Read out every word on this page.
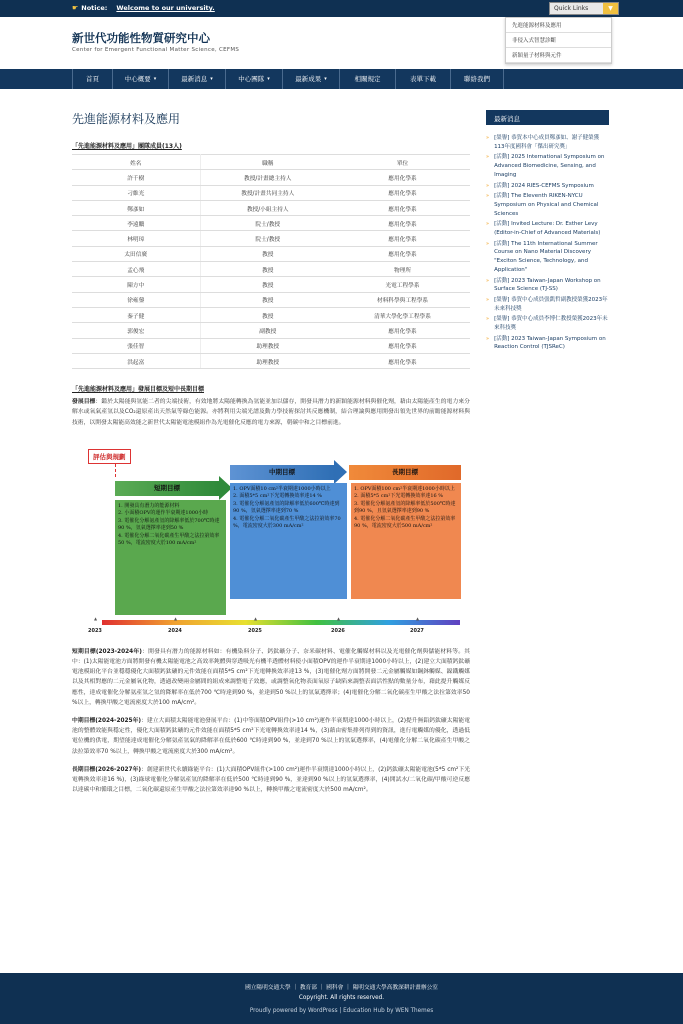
☛ Notice: Welcome to our university.	Quick Links	▼
先進能源材料及應用
非侵入式智慧診斷
新穎量子材料與元件
新世代功能性物質研究中心
Center for Emergent Functional Matter Science, CEFMS
首頁	中心概要 ▾	最新消息 ▾	中心團隊 ▾	最新成果 ▾	相關規定	表單下載	聯絡我們
先進能源材料及應用
「先進能源材料及應用」團隊成員(13人)
姓名	職稱	單位
許千樹	教授/計畫總主持人	應用化學系
刁維光	教授/計畫共同主持人	應用化學系
鄭彥如	教授/小組主持人	應用化學系
李遠鵬	院士/教授	應用化學系
林明璋	院士/教授	應用化學系
太田信廣	教授	應用化學系
孟心飛	教授	物理所
陳方中	教授	光電工程學系
徐雍鎣	教授	材料科學與工程學系
秦子健	教授	清華大學化學工程學系
郭俊宏	副教授	應用化學系
張佳智	助理教授	應用化學系
洪起富	助理教授	應用化學系
「先進能源材料及應用」發展目標及短中長期目標

發展目標：鑑於太陽能與氫能二者的尖端技術，有效地將太陽能轉換為氫能並加以儲存，開發具潛力的新穎能源材料與催化劑，藉由太陽能產生的電力來分解水或氧氣產氫以及CO₂還原產出天然氣等綠色能源。亦將利用尖端光譜及動力學技術探討其反應機制，結合理論與應用開發出領先世界的前瞻能源材料與技術，以開發太陽能高效能之新世代太陽能電池模組作為光電催化反應的電力來源，朝碳中和之目標前進。

評估與規劃
短期目標
中期目標	長期目標
1. 開發具有潛力的能源材料
2. 小面積OPV的運作半衰期達1000小時
3. 電催化分解氨產氫的降解率低於700℃時達90 %，氫氣選擇率達到50 %
4. 電催化分解二氧化碳產生甲酸之法拉第效率50 %，電流密度大於100 mA/cm²
1. OPV面積10 cm²半衰期達1000小時以上
2. 面積5*5 cm²下光電轉換效率達14 %
3. 電催化分解氨產氫的降解率低於600℃時達到90 %，氫氣選擇率達到70 %
4. 電催化分解二氧化碳產生甲酸之法拉第效率70 %，電流密度大於300 mA/cm²
1. OPV面積100 cm²半衰期達1000小時以上
2. 面積5*5 cm²下光電轉換效率達16 %
3. 電催化分解氨產氫的降解率低於500℃時達到90 %，且氫氣選擇率達到90 %
4. 電催化分解二氧化碳產生甲酸之法拉第效率90 %，電流密度大於500 mA/cm²
▲
2023
▲
2024
▲
2025
▲
2026
▲
2027

短期目標(2023-2024年)：開發具有潛力的能源材料如：有機染料分子、鈣鈦礦分子、奈米碳材料、電催化觸媒材料以及光電催化劑與儲能材料等。其中：(1)太陽能電池方面將開發有機太陽能電池之高效率鈍體與穿透吸光有機半透體材料使小面積OPV的運作半衰期達1000小時以上，(2)建立大面積鈣鈦礦電池模組化平台並穩穩優化大面積鈣鈦礦的元件效能在面積5*5 cm²下光電轉換效率達13 %，(3)電催化劑方面將開發二元金屬觸媒如鋼鉢觸媒、鎳鐵觸媒以及其相對應的二元金屬氧化物，透過改變兩金屬間的組成來調整電子效應，或調整氧化物表面氧原子缺陷來調整表面活性點的數量分布，藉此提升觸媒反應性，達成電催化分解氨產氫之氫的降解率在低於700 ℃時達到90 %，並達到50 %以上的氫氣選擇率；(4)電催化分解二氧化碳產生甲酸之法拉第效率50 %以上，轉換甲酸之電流密度大於100 mA/cm²。

中期目標(2024-2025年)：建立大面積太陽能電池發展平台：(1)中等面積OPV組件(>10 cm²)運作半衰期達1000小時以上，(2)提升無鉛鈣鈦礦太陽能電池的整體效能與穩定性，優化大面積鈣鈦礦的元件效能在面積5*5 cm²下光電轉換效率達14 %，(3)藉由密集排列得到的資訊，進行電觸媒的優化，透過低電位機的供電，期望能達成電催化分解氨產氫氣的降解率在低於600 ℃時達到90 %，並達到70 %以上的氫氣選擇率，(4)電催化分解二氧化碳產生甲酸之法拉第效率70 %以上，轉換甲酸之電流密度大於300 mA/cm²。

長期目標(2026-2027年)：創建新世代永續綠能平台：(1)大面積OPV組件(>100 cm²)運作半衰期達1000小時以上，(2)鈣鈦礦太陽能電池(5*5 cm²下光電轉換效率達16 %)，(3)綠球電催化分解氨產氫的降解率在低於500 ℃時達到90 %，並達到90 %以上的氫氣選擇率，(4)開試水/二氧化碳/甲酸可逆反應以達碳中和循環之目標，二氧化碳還原產生甲酸之法拉第效率達90 %以上，轉換甲酸之電流密度大於500 mA/cm²。

最新消息
» [榮譽] 恭賀本中心成員鄭彥如、謝子健榮獲113年度國科會「傑出研究獎」
» [活動] 2025 International Symposium on Advanced Biomedicine, Sensing, and Imaging
» [活動] 2024 RIES-CEFMS Symposium
» [活動] The Eleventh RIKEN-NYCU Symposium on Physical and Chemical Sciences
» [活動] Invited Lecture: Dr. Esther Levy (Editor-in-Chief of Advanced Materials)
» [活動] The 11th International Summer Course on Nano Material Discovery "Exciton Science, Technology, and Application"
» [活動] 2023 Taiwan-Japan Workshop on Surface Science (TJ-SS)
» [榮譽] 恭賀中心成員張凱哲副教授榮獲2023年未來科技獎
» [榮譽] 恭賀中心成員李博仁教授榮獲2023年未來科技獎
» [活動] 2023 Taiwan-Japan Symposium on Reaction Control (TJSReC)
國立陽明交通大學 ｜ 教育部 ｜ 國科會 ｜ 陽明交通大學高教深耕計畫辦公室
Copyright. All rights reserved.
Proudly powered by WordPress | Education Hub by WEN Themes
